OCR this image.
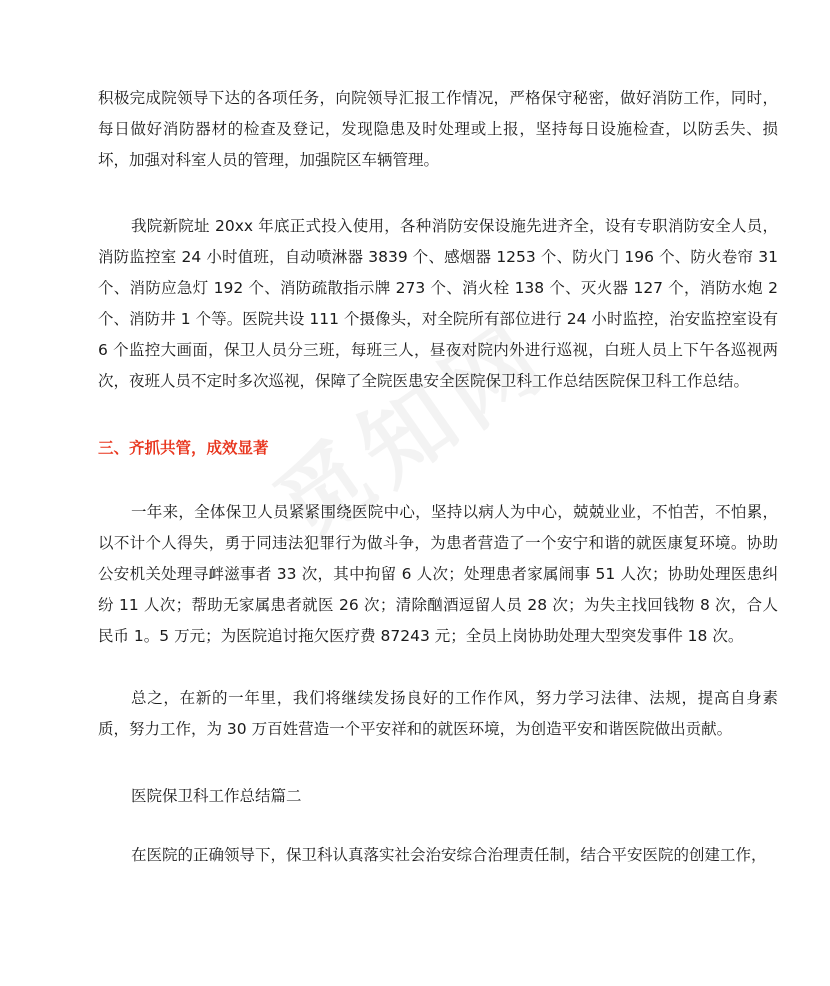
积极完成院领导下达的各项任务，向院领导汇报工作情况，严格保守秘密，做好消防工作，同时，每日做好消防器材的检查及登记，发现隐患及时处理或上报，坚持每日设施检查，以防丢失、损坏，加强对科室人员的管理，加强院区车辆管理。

我院新院址 20xx 年底正式投入使用，各种消防安保设施先进齐全，设有专职消防安全人员，消防监控室 24 小时值班，自动喷淋器 3839 个、感烟器 1253 个、防火门 196 个、防火卷帘 31 个、消防应急灯 192 个、消防疏散指示牌 273 个、消火栓 138 个、灭火器 127 个，消防水炮 2 个、消防井 1 个等。医院共设 111 个摄像头，对全院所有部位进行 24 小时监控，治安监控室设有 6 个监控大画面，保卫人员分三班，每班三人，昼夜对院内外进行巡视，白班人员上下午各巡视两次，夜班人员不定时多次巡视，保障了全院医患安全医院保卫科工作总结医院保卫科工作总结。

三、齐抓共管，成效显著

一年来，全体保卫人员紧紧围绕医院中心，坚持以病人为中心，兢兢业业，不怕苦，不怕累，以不计个人得失，勇于同违法犯罪行为做斗争，为患者营造了一个安宁和谐的就医康复环境。协助公安机关处理寻衅滋事者 33 次，其中拘留 6 人次；处理患者家属闹事 51 人次；协助处理医患纠纷 11 人次；帮助无家属患者就医 26 次；清除酗酒逗留人员 28 次；为失主找回钱物 8 次，合人民币 1。5 万元；为医院追讨拖欠医疗费 87243 元；全员上岗协助处理大型突发事件 18 次。

总之，在新的一年里，我们将继续发扬良好的工作作风，努力学习法律、法规，提高自身素质，努力工作，为 30 万百姓营造一个平安祥和的就医环境，为创造平安和谐医院做出贡献。

医院保卫科工作总结篇二

在医院的正确领导下，保卫科认真落实社会治安综合治理责任制，结合平安医院的创建工作，
